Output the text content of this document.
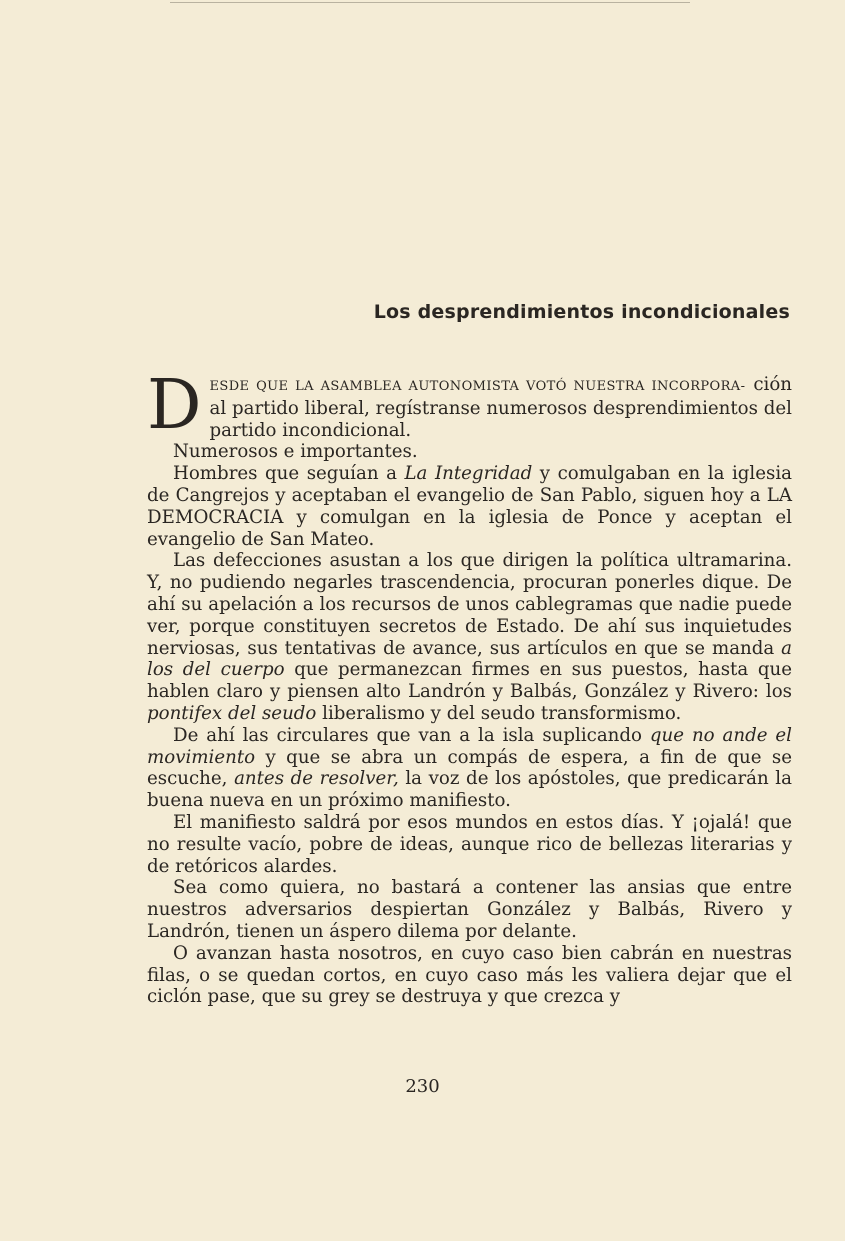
Los desprendimientos incondicionales

DESDE QUE LA ASAMBLEA AUTONOMISTA VOTÓ NUESTRA INCORPORA- ción al partido liberal, regístranse numerosos desprendimientos del partido incondicional.

Numerosos e importantes.

Hombres que seguían a La Integridad y comulgaban en la iglesia de Cangrejos y aceptaban el evangelio de San Pablo, siguen hoy a LA DEMOCRACIA y comulgan en la iglesia de Ponce y aceptan el evangelio de San Mateo.

Las defecciones asustan a los que dirigen la política ultramarina. Y, no pudiendo negarles trascendencia, procuran ponerles dique. De ahí su apelación a los recursos de unos cablegramas que nadie puede ver, porque constituyen secretos de Estado. De ahí sus inquietudes nerviosas, sus tentativas de avance, sus artículos en que se manda a los del cuerpo que permanezcan firmes en sus puestos, hasta que hablen claro y piensen alto Landrón y Balbás, González y Rivero: los pontifex del seudo liberalismo y del seudo transformismo.

De ahí las circulares que van a la isla suplicando que no ande el movimiento y que se abra un compás de espera, a fin de que se escuche, antes de resolver, la voz de los apóstoles, que predicarán la buena nueva en un próximo manifiesto.

El manifiesto saldrá por esos mundos en estos días. Y ¡ojalá! que no resulte vacío, pobre de ideas, aunque rico de bellezas literarias y de retóricos alardes.

Sea como quiera, no bastará a contener las ansias que entre nuestros adversarios despiertan González y Balbás, Rivero y Landrón, tienen un áspero dilema por delante.

O avanzan hasta nosotros, en cuyo caso bien cabrán en nuestras filas, o se quedan cortos, en cuyo caso más les valiera dejar que el ciclón pase, que su grey se destruya y que crezca y

230
